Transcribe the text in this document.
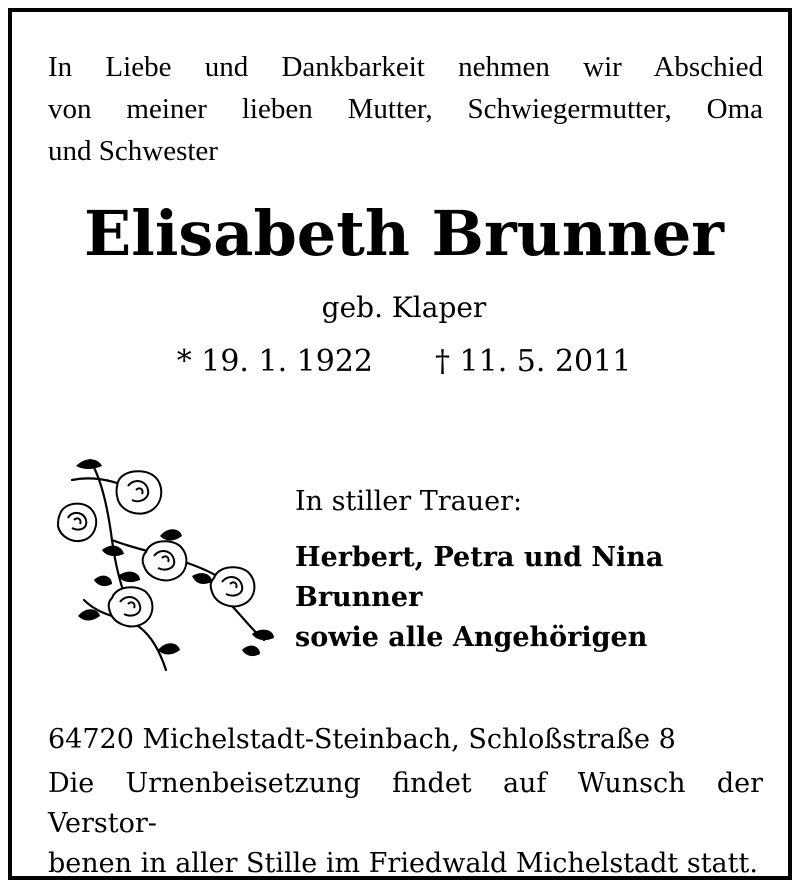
In Liebe und Dankbarkeit nehmen wir Abschied
von meiner lieben Mutter, Schwiegermutter, Oma
und Schwester
Elisabeth Brunner
geb. Klaper
* 19. 1. 1922 † 11. 5. 2011
In stiller Trauer:
Herbert, Petra und Nina Brunner
sowie alle Angehörigen
64720 Michelstadt-Steinbach, Schloßstraße 8
Die Urnenbeisetzung findet auf Wunsch der Verstor-
benen in aller Stille im Friedwald Michelstadt statt.
